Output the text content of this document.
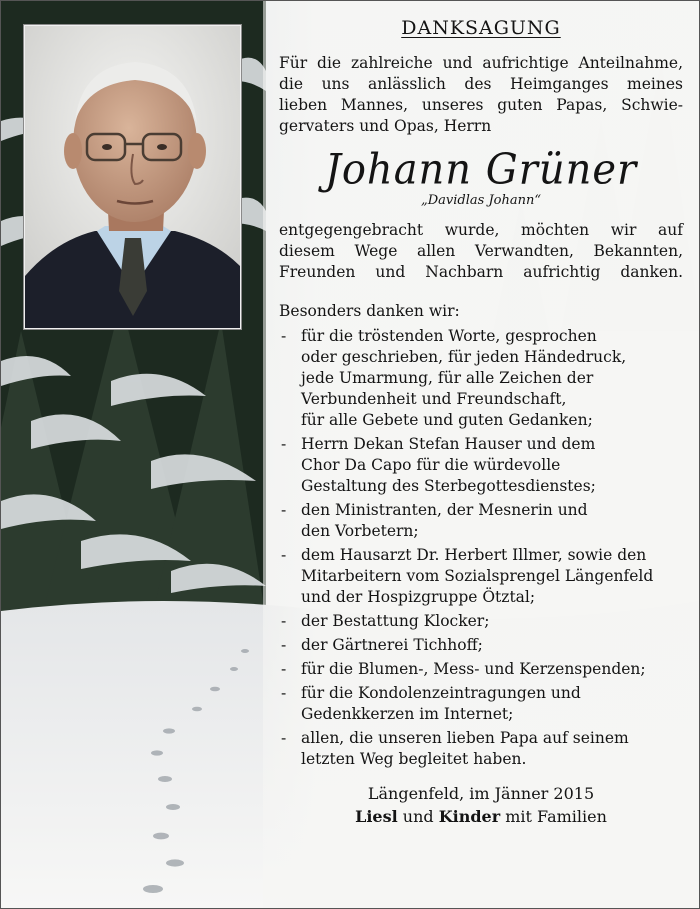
DANKSAGUNG

Für die zahlreiche und aufrichtige Anteilnahme,

die uns anlässlich des Heimganges meines

lieben Mannes, unseres guten Papas, Schwie-

gervaters und Opas, Herrn

Johann Grüner
„Davidlas Johann“

entgegengebracht wurde, möchten wir auf

diesem Wege allen Verwandten, Bekannten,

Freunden und Nachbarn aufrichtig danken.

Besonders danken wir:

- für die tröstenden Worte, gesprochen
oder geschrieben, für jeden Händedruck,
jede Umarmung, für alle Zeichen der
Verbundenheit und Freundschaft,
für alle Gebete und guten Gedanken;
- Herrn Dekan Stefan Hauser und dem
Chor Da Capo für die würdevolle
Gestaltung des Sterbegottesdienstes;
- den Ministranten, der Mesnerin und
den Vorbetern;
- dem Hausarzt Dr. Herbert Illmer, sowie den
Mitarbeitern vom Sozialsprengel Längenfeld
und der Hospizgruppe Ötztal;
- der Bestattung Klocker;
- der Gärtnerei Tichhoff;
- für die Blumen-, Mess- und Kerzenspenden;
- für die Kondolenzeintragungen und
Gedenkkerzen im Internet;
- allen, die unseren lieben Papa auf seinem
letzten Weg begleitet haben.

Längenfeld, im Jänner 2015

Liesl und Kinder mit Familien
